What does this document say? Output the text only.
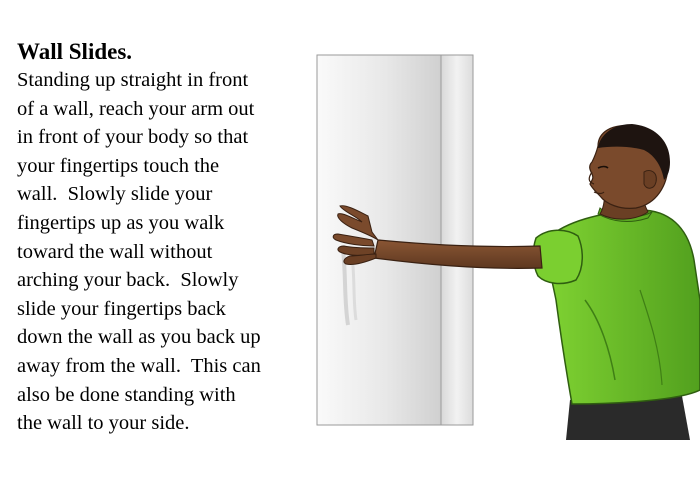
Wall Slides.

Standing up straight in front
of a wall, reach your arm out
in front of your body so that
your fingertips touch the
wall.  Slowly slide your
fingertips up as you walk
toward the wall without
arching your back.  Slowly
slide your fingertips back
down the wall as you back up
away from the wall.  This can
also be done standing with
the wall to your side.
